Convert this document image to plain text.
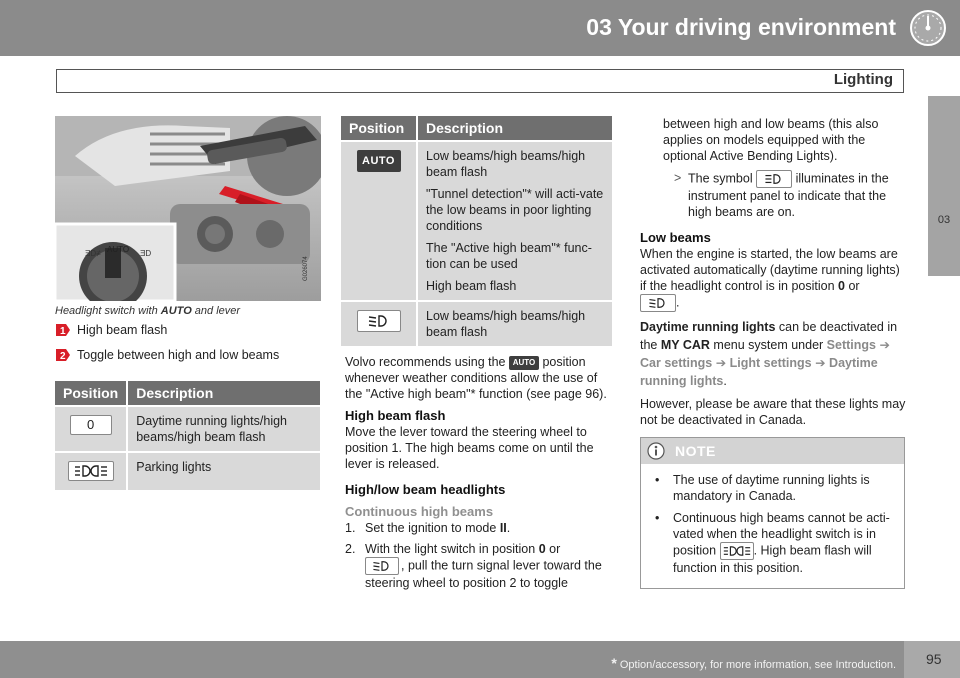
03 Your driving environment
Lighting
03
AUTO
ƎD≢	ƎD
G026074
Headlight switch with AUTO and lever
1 High beam flash
2 Toggle between high and low beams
Position	Description
0	Daytime running lights/high beams/high beam flash

	Parking lights
Position	Description
AUTO	Low beams/high beams/high beam flash

"Tunnel detection"* will acti-vate the low beams in poor lighting conditions

The "Active high beam"* func-tion can be used

High beam flash

	Low beams/high beams/high beam flash

Volvo recommends using the AUTO position whenever weather conditions allow the use of the "Active high beam"* function (see page 96).

High beam flash

Move the lever toward the steering wheel to position 1. The high beams come on until the lever is released.

High/low beam headlights
Continuous high beams
1. Set the ignition to mode II.
2. With the light switch in position 0 or

, pull the turn signal lever toward the steering wheel to position 2 to toggle

between high and low beams (this also applies on models equipped with the optional Active Bending Lights).

> The symbol	illuminates in the instrument panel to indicate that the high beams are on.
Low beams

When the engine is started, the low beams are activated automatically (daytime running lights) if the headlight control is in position 0 or

.

Daytime running lights can be deactivated in the MY CAR menu system under Settings ➔ Car settings ➔ Light settings ➔ Daytime running lights.

However, please be aware that these lights may not be deactivated in Canada.

NOTE
•	The use of daytime running lights is mandatory in Canada.
•	Continuous high beams cannot be acti-vated when the headlight switch is in position	. High beam flash will function in this position.
* Option/accessory, for more information, see Introduction. 95
